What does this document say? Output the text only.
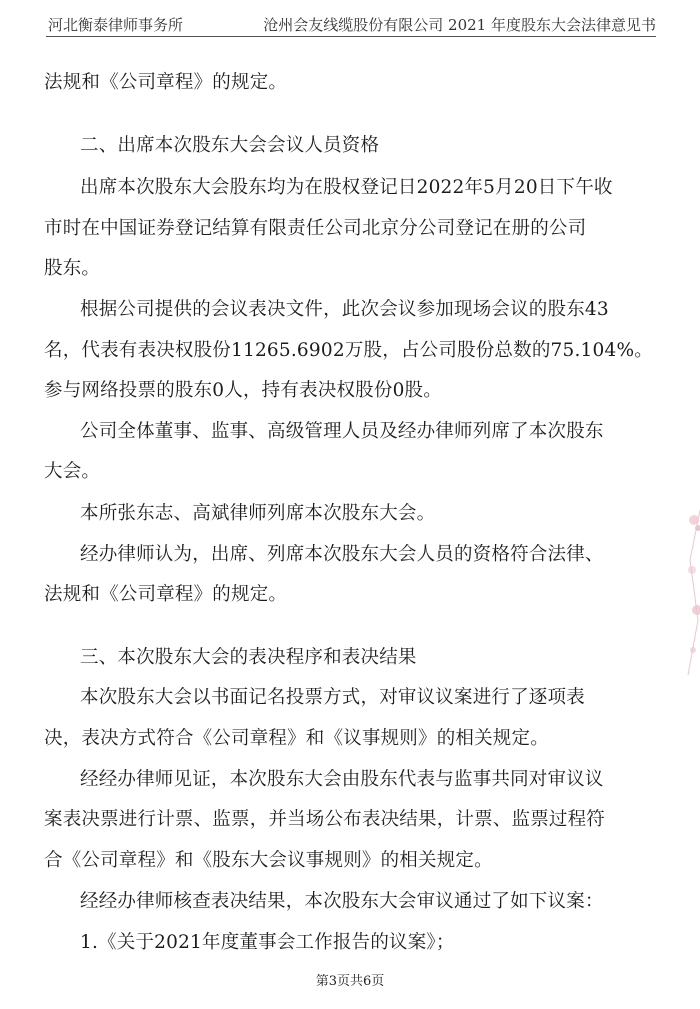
河北衡泰律师事务所	沧州会友线缆股份有限公司 2021 年度股东大会法律意见书
法规和《公司章程》的规定。
二、出席本次股东大会会议人员资格
出席本次股东大会股东均为在股权登记日2022年5月20日下午收
市时在中国证券登记结算有限责任公司北京分公司登记在册的公司
股东。
根据公司提供的会议表决文件，此次会议参加现场会议的股东43
名，代表有表决权股份11265.6902万股，占公司股份总数的75.104%。
参与网络投票的股东0人，持有表决权股份0股。
公司全体董事、监事、高级管理人员及经办律师列席了本次股东
大会。
本所张东志、高斌律师列席本次股东大会。
经办律师认为，出席、列席本次股东大会人员的资格符合法律、
法规和《公司章程》的规定。
三、本次股东大会的表决程序和表决结果
本次股东大会以书面记名投票方式，对审议议案进行了逐项表
决，表决方式符合《公司章程》和《议事规则》的相关规定。
经经办律师见证，本次股东大会由股东代表与监事共同对审议议
案表决票进行计票、监票，并当场公布表决结果，计票、监票过程符
合《公司章程》和《股东大会议事规则》的相关规定。
经经办律师核查表决结果，本次股东大会审议通过了如下议案：
1.《关于2021年度董事会工作报告的议案》；
第3页共6页
